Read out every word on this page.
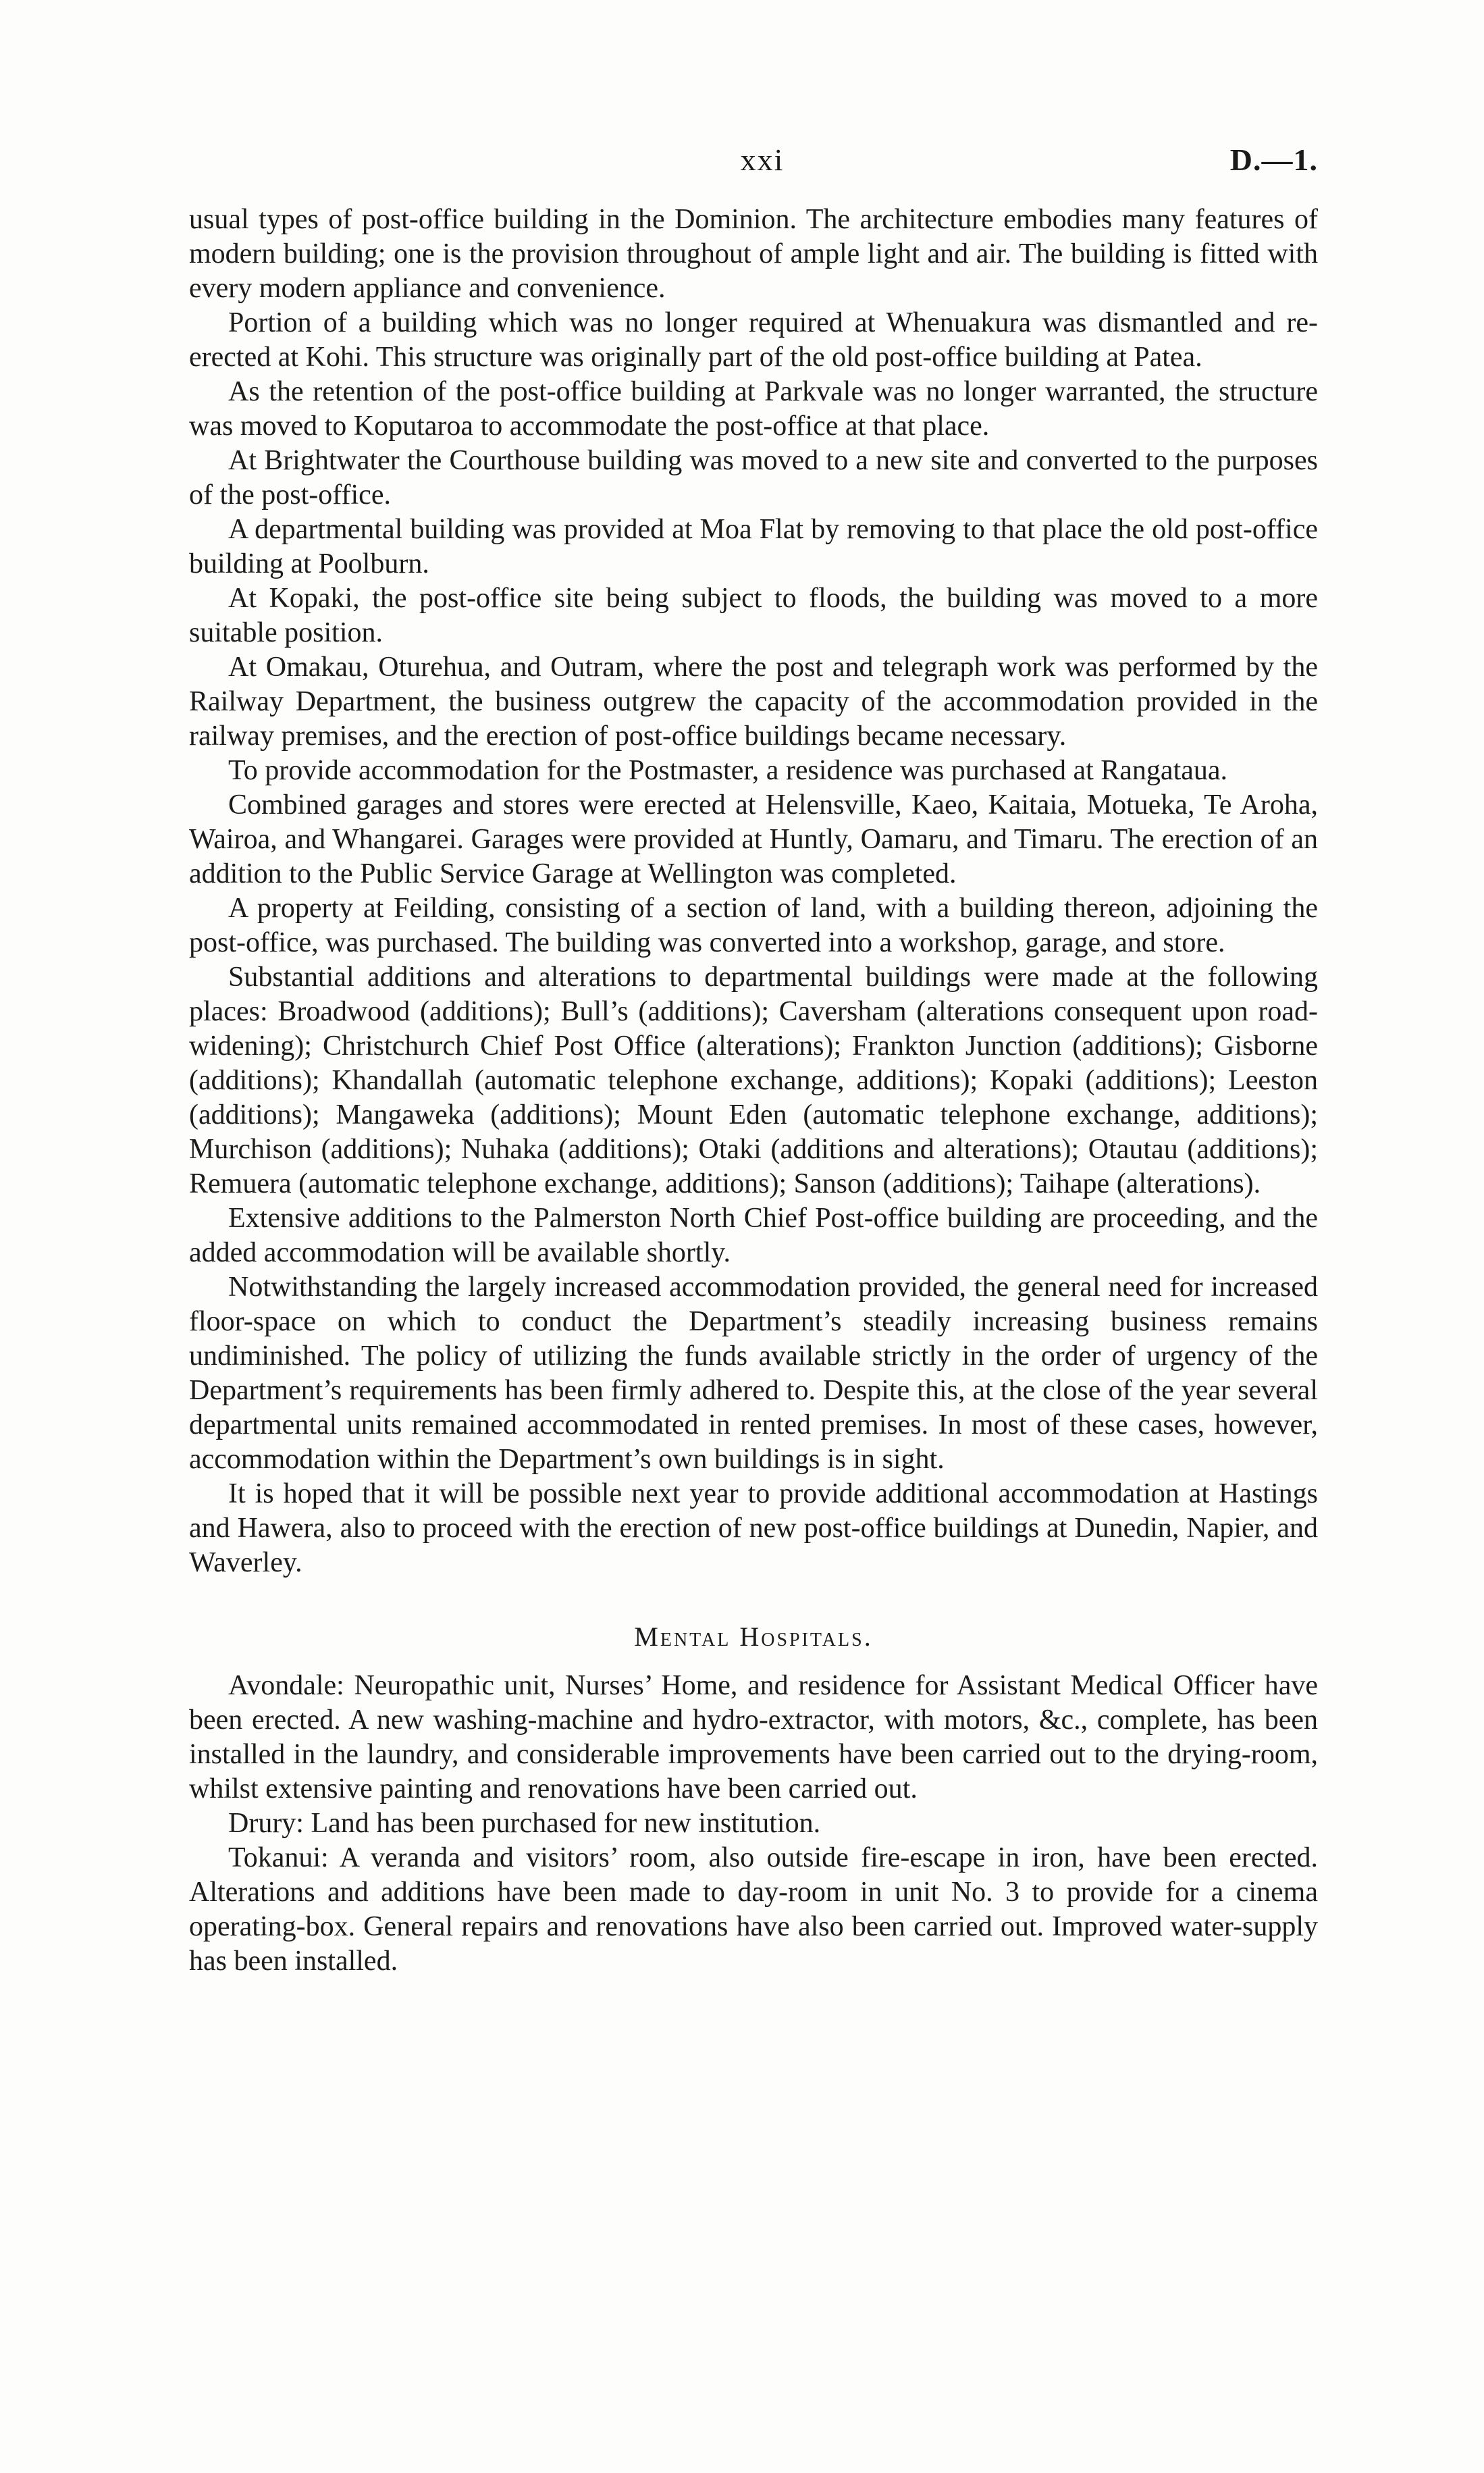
xxi	D.—1.

usual types of post-office building in the Dominion. The architecture embodies many features of modern building; one is the provision throughout of ample light and air. The building is fitted with every modern appliance and convenience.

Portion of a building which was no longer required at Whenuakura was dismantled and re-erected at Kohi. This structure was originally part of the old post-office building at Patea.

As the retention of the post-office building at Parkvale was no longer warranted, the structure was moved to Koputaroa to accommodate the post-office at that place.

At Brightwater the Courthouse building was moved to a new site and converted to the purposes of the post-office.

A departmental building was provided at Moa Flat by removing to that place the old post-office building at Poolburn.

At Kopaki, the post-office site being subject to floods, the building was moved to a more suitable position.

At Omakau, Oturehua, and Outram, where the post and telegraph work was performed by the Railway Department, the business outgrew the capacity of the accommodation provided in the railway premises, and the erection of post-office buildings became necessary.

To provide accommodation for the Postmaster, a residence was purchased at Rangataua.

Combined garages and stores were erected at Helensville, Kaeo, Kaitaia, Motueka, Te Aroha, Wairoa, and Whangarei. Garages were provided at Huntly, Oamaru, and Timaru. The erection of an addition to the Public Service Garage at Wellington was completed.

A property at Feilding, consisting of a section of land, with a building thereon, adjoining the post-office, was purchased. The building was converted into a workshop, garage, and store.

Substantial additions and alterations to departmental buildings were made at the following places: Broadwood (additions); Bull’s (additions); Caversham (alterations consequent upon road-widening); Christchurch Chief Post Office (alterations); Frankton Junction (additions); Gisborne (additions); Khandallah (automatic telephone exchange, additions); Kopaki (additions); Leeston (additions); Mangaweka (additions); Mount Eden (automatic telephone exchange, additions); Murchison (additions); Nuhaka (additions); Otaki (additions and alterations); Otautau (additions); Remuera (automatic telephone exchange, additions); Sanson (additions); Taihape (alterations).

Extensive additions to the Palmerston North Chief Post-office building are proceeding, and the added accommodation will be available shortly.

Notwithstanding the largely increased accommodation provided, the general need for increased floor-space on which to conduct the Department’s steadily increasing business remains undiminished. The policy of utilizing the funds available strictly in the order of urgency of the Department’s requirements has been firmly adhered to. Despite this, at the close of the year several departmental units remained accommodated in rented premises. In most of these cases, however, accommodation within the Department’s own buildings is in sight.

It is hoped that it will be possible next year to provide additional accommodation at Hastings and Hawera, also to proceed with the erection of new post-office buildings at Dunedin, Napier, and Waverley.

Mental Hospitals.

Avondale: Neuropathic unit, Nurses’ Home, and residence for Assistant Medical Officer have been erected. A new washing-machine and hydro-extractor, with motors, &c., complete, has been installed in the laundry, and considerable improvements have been carried out to the drying-room, whilst extensive painting and renovations have been carried out.

Drury: Land has been purchased for new institution.

Tokanui: A veranda and visitors’ room, also outside fire-escape in iron, have been erected. Alterations and additions have been made to day-room in unit No. 3 to provide for a cinema operating-box. General repairs and renovations have also been carried out. Improved water-supply has been installed.
